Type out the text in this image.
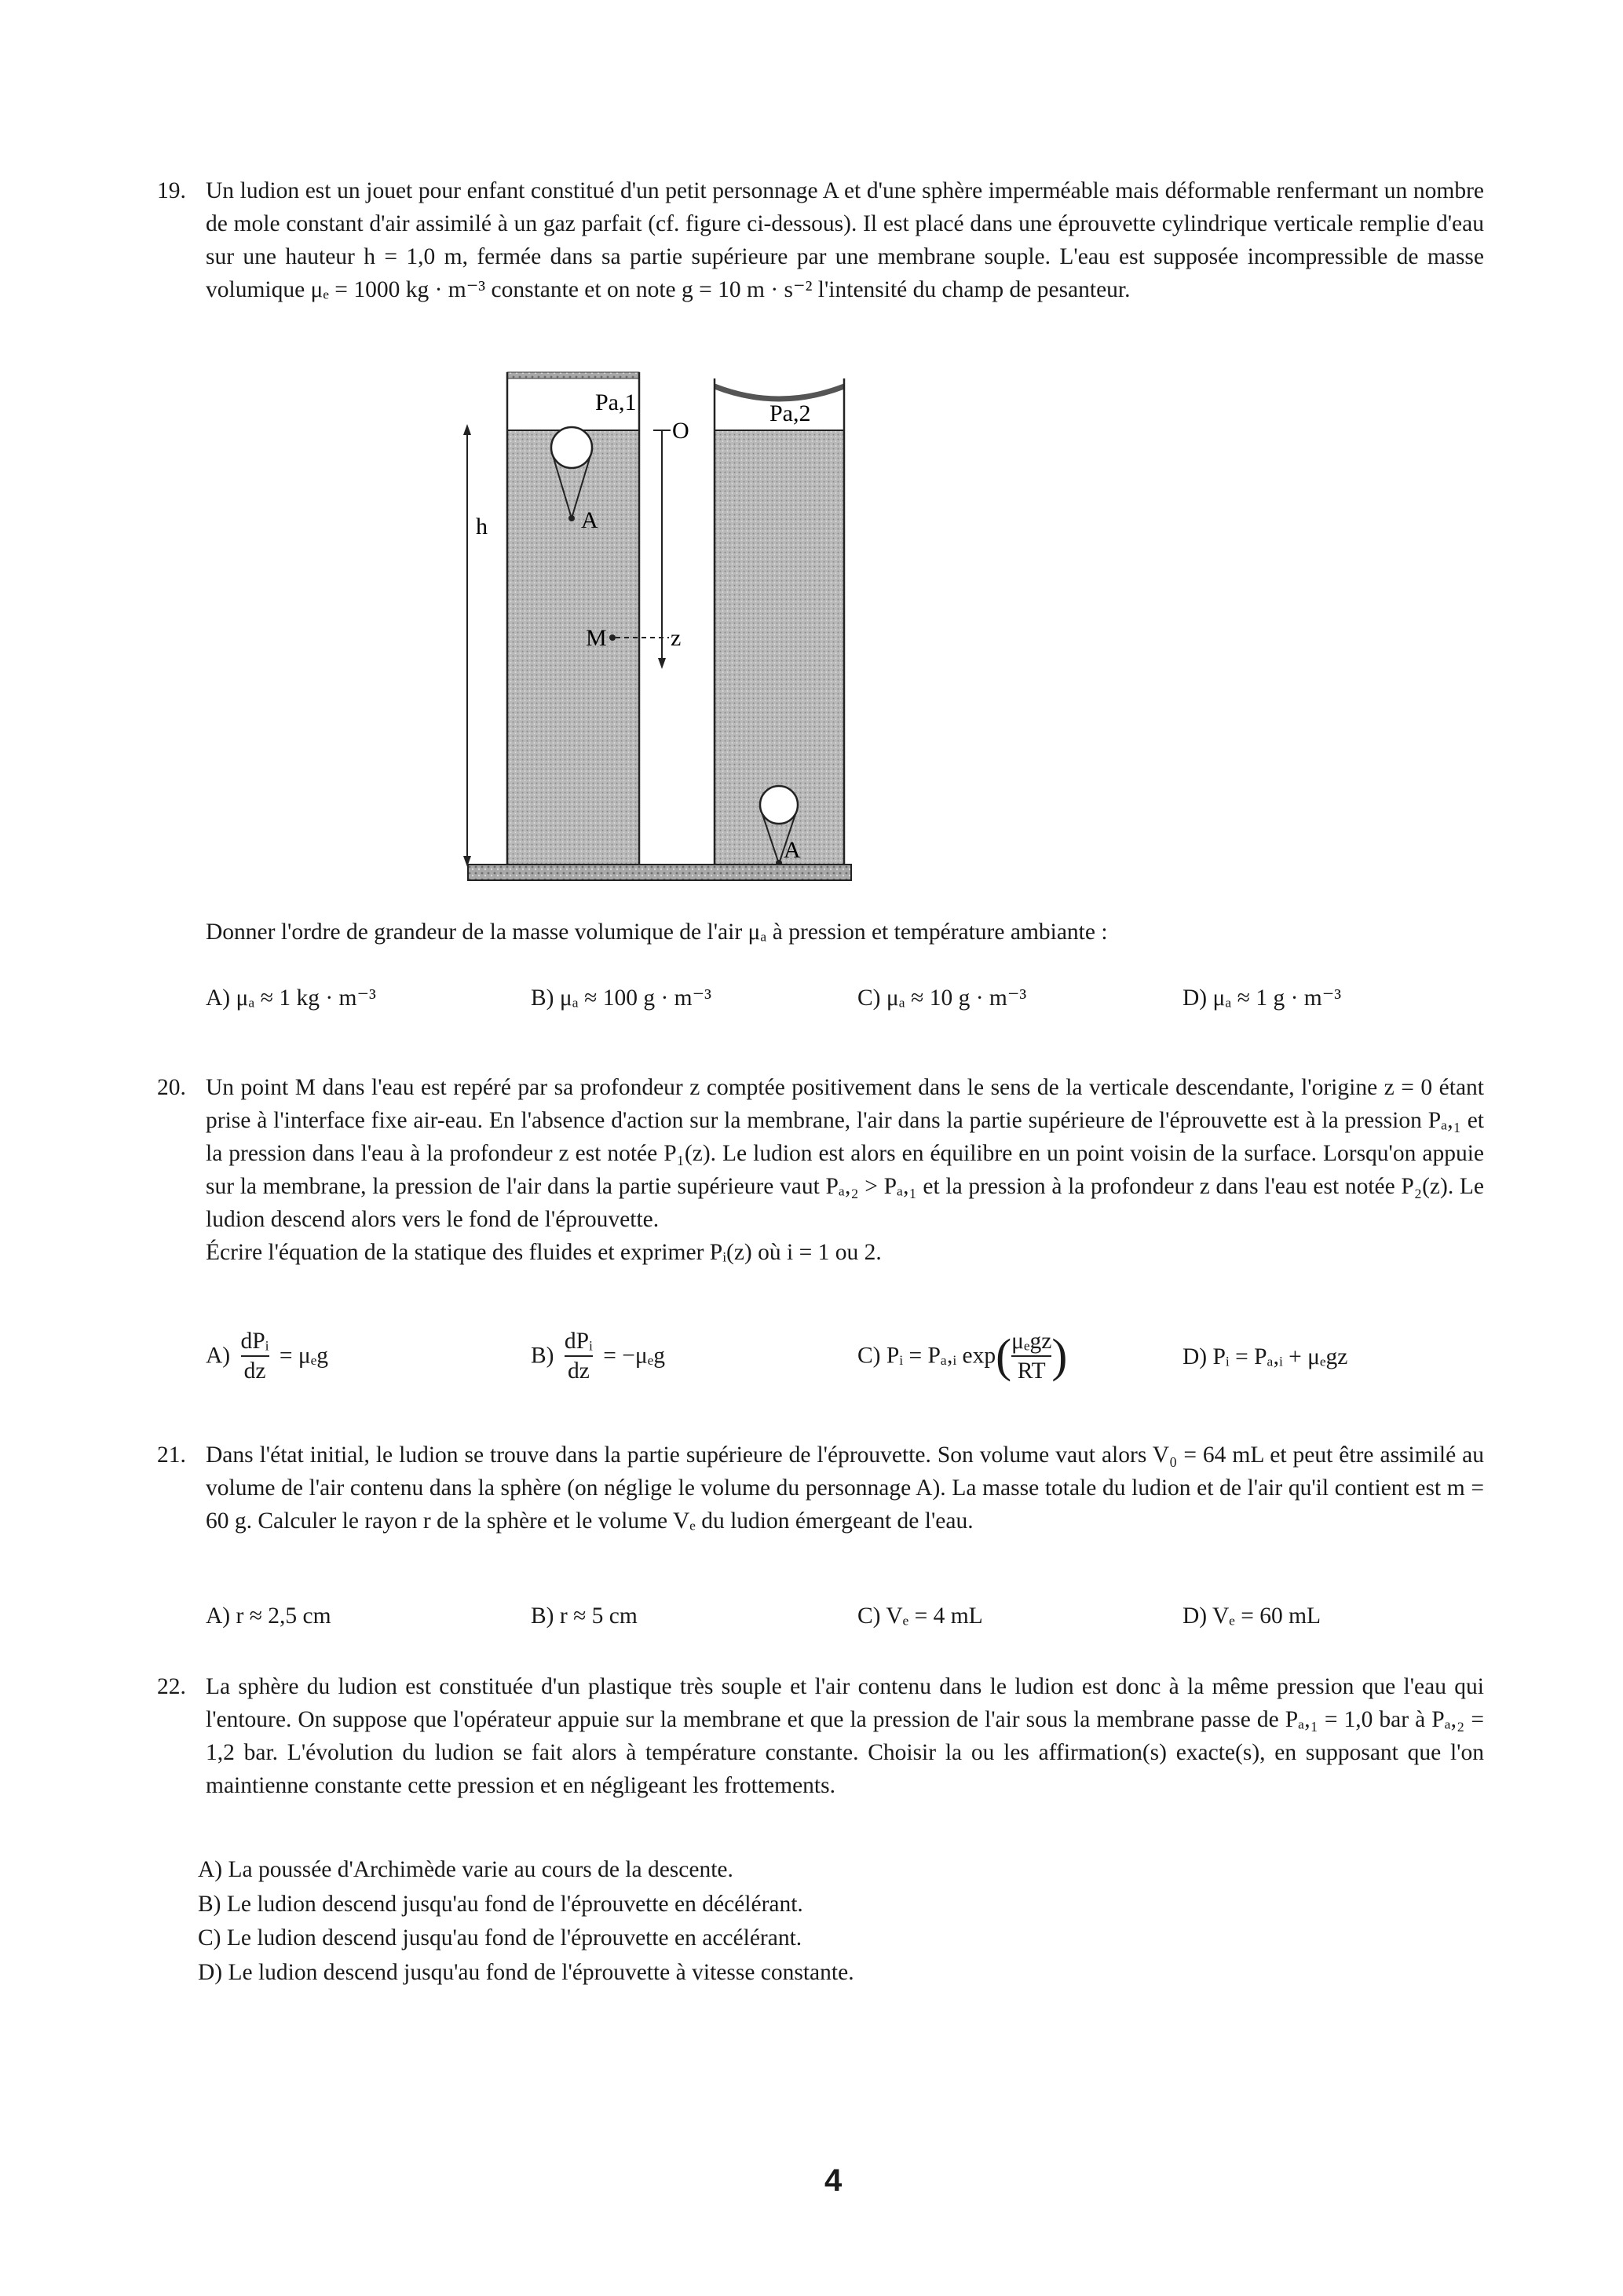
19. Un ludion est un jouet pour enfant constitué d'un petit personnage A et d'une sphère imperméable mais déformable renfermant un nombre de mole constant d'air assimilé à un gaz parfait (cf. figure ci-dessous). Il est placé dans une éprouvette cylindrique verticale remplie d'eau sur une hauteur h = 1,0 m, fermée dans sa partie supérieure par une membrane souple. L'eau est supposée incompressible de masse volumique μₑ = 1000 kg · m⁻³ constante et on note g = 10 m · s⁻² l'intensité du champ de pesanteur.
h
Pa,1	Pa,2
O
M	z
A
A
Donner l'ordre de grandeur de la masse volumique de l'air μₐ à pression et température ambiante :
A) μₐ ≈ 1 kg · m⁻³	B) μₐ ≈ 100 g · m⁻³	C) μₐ ≈ 10 g · m⁻³	D) μₐ ≈ 1 g · m⁻³
20. Un point M dans l'eau est repéré par sa profondeur z comptée positivement dans le sens de la verticale descendante, l'origine z = 0 étant prise à l'interface fixe air-eau. En l'absence d'action sur la membrane, l'air dans la partie supérieure de l'éprouvette est à la pression Pₐ,₁ et la pression dans l'eau à la profondeur z est notée P₁(z). Le ludion est alors en équilibre en un point voisin de la surface. Lorsqu'on appuie sur la membrane, la pression de l'air dans la partie supérieure vaut Pₐ,₂ > Pₐ,₁ et la pression à la profondeur z dans l'eau est notée P₂(z). Le ludion descend alors vers le fond de l'éprouvette.
Écrire l'équation de la statique des fluides et exprimer Pᵢ(z) où i = 1 ou 2.
$A) \frac{\text{dPᵢ}}{dz} = \mu_eg$	$B) \frac{\text{dPᵢ}}{dz} = -\mu_eg$	C) Pᵢ = Pₐ,ᵢ $\exp( \frac{\text{μₑgz}}{RT}$ )	D) Pᵢ = Pₐ,ᵢ + μₑgz
21. Dans l'état initial, le ludion se trouve dans la partie supérieure de l'éprouvette. Son volume vaut alors V₀ = 64 mL et peut être assimilé au volume de l'air contenu dans la sphère (on néglige le volume du personnage A). La masse totale du ludion et de l'air qu'il contient est m = 60 g. Calculer le rayon r de la sphère et le volume Vₑ du ludion émergeant de l'eau.
A) r ≈ 2,5 cm	B) r ≈ 5 cm	C) Vₑ = 4 mL	D) Vₑ = 60 mL
22. La sphère du ludion est constituée d'un plastique très souple et l'air contenu dans le ludion est donc à la même pression que l'eau qui l'entoure. On suppose que l'opérateur appuie sur la membrane et que la pression de l'air sous la membrane passe de Pₐ,₁ = 1,0 bar à Pₐ,₂ = 1,2 bar. L'évolution du ludion se fait alors à température constante. Choisir la ou les affirmation(s) exacte(s), en supposant que l'on maintienne constante cette pression et en négligeant les frottements.
A) La poussée d'Archimède varie au cours de la descente.
B) Le ludion descend jusqu'au fond de l'éprouvette en décélérant.
C) Le ludion descend jusqu'au fond de l'éprouvette en accélérant.
D) Le ludion descend jusqu'au fond de l'éprouvette à vitesse constante.
4
